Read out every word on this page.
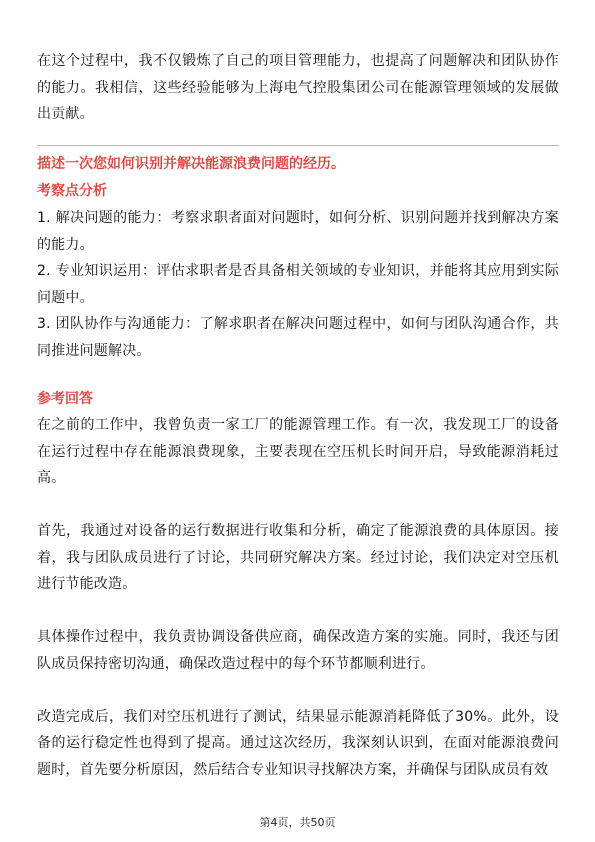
在这个过程中，我不仅锻炼了自己的项目管理能力，也提高了问题解决和团队协作的能力。我相信，这些经验能够为上海电气控股集团公司在能源管理领域的发展做出贡献。

描述一次您如何识别并解决能源浪费问题的经历。
考察点分析

1. 解决问题的能力：考察求职者面对问题时，如何分析、识别问题并找到解决方案的能力。

2. 专业知识运用：评估求职者是否具备相关领域的专业知识，并能将其应用到实际问题中。

3. 团队协作与沟通能力：了解求职者在解决问题过程中，如何与团队沟通合作，共同推进问题解决。

参考回答

在之前的工作中，我曾负责一家工厂的能源管理工作。有一次，我发现工厂的设备在运行过程中存在能源浪费现象，主要表现在空压机长时间开启，导致能源消耗过高。

首先，我通过对设备的运行数据进行收集和分析，确定了能源浪费的具体原因。接着，我与团队成员进行了讨论，共同研究解决方案。经过讨论，我们决定对空压机进行节能改造。

具体操作过程中，我负责协调设备供应商，确保改造方案的实施。同时，我还与团队成员保持密切沟通，确保改造过程中的每个环节都顺利进行。

改造完成后，我们对空压机进行了测试，结果显示能源消耗降低了30%。此外，设备的运行稳定性也得到了提高。通过这次经历，我深刻认识到，在面对能源浪费问题时，首先要分析原因，然后结合专业知识寻找解决方案，并确保与团队成员有效

第4页，共50页
